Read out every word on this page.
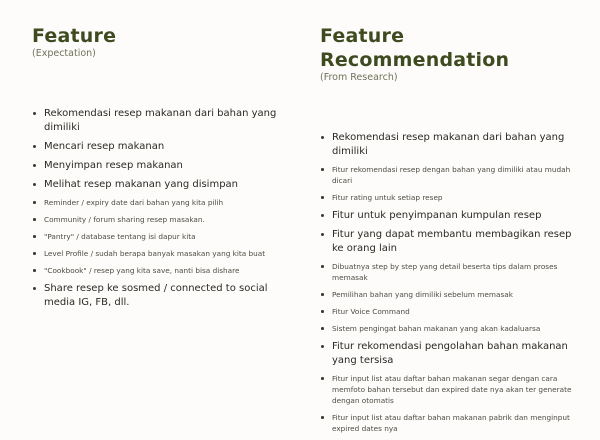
Feature

(Expectation)

Rekomendasi resep makanan dari bahan yang dimiliki
Mencari resep makanan
Menyimpan resep makanan
Melihat resep makanan yang disimpan
Reminder / expiry date dari bahan yang kita pilih
Community / forum sharing resep masakan.
"Pantry" / database tentang isi dapur kita
Level Profile / sudah berapa banyak masakan yang kita buat
"Cookbook" / resep yang kita save, nanti bisa dishare
Share resep ke sosmed / connected to social media IG, FB, dll.
Feature Recommendation

(From Research)

Rekomendasi resep makanan dari bahan yang dimiliki
Fitur rekomendasi resep dengan bahan yang dimiliki atau mudah dicari
Fitur rating untuk setiap resep
Fitur untuk penyimpanan kumpulan resep
Fitur yang dapat membantu membagikan resep ke orang lain
Dibuatnya step by step yang detail besertа tips dalam proses memasak
Pemilihan bahan yang dimiliki sebelum memasak
Fitur Voice Command
Sistem pengingat bahan makanan yang akan kadaluarsa
Fitur rekomendasi pengolahan bahan makanan yang tersisa
Fitur input list atau daftar bahan makanan segar dengan cara memfoto bahan tersebut dan expired date nya akan ter generate dengan otomatis
Fitur input list atau daftar bahan makanan pabrik dan menginput expired dates nya
